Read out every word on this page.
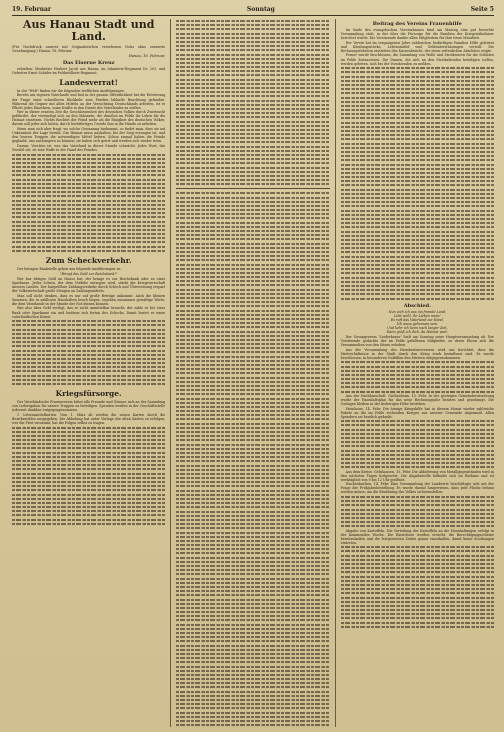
19. Februar	Sonntag	Seite 5
Aus Hanau Stadt und Land.

(Für Nachdruck unserer mit Originalzeichen versehenen Notiz ohne zensierte Genehmigung.) Hanau, 18. Februar.

Hanau, 16. Februar.
Das Eiserne Kreuz

erhielten: Musketier Herbert Jacob aus Hanau, im Infanterie-Regiment Nr. 201, und Gefreiter Ernst Schäfer im Feldartillerie-Regiment.

Landesverrat!

In der "Welt" finden wir die folgenden trefflichen Ausführungen:

Bereits am eigenen Vaterlande und fast in der ganzen Öffentlichkeit hat die Erörterung der Frage einer schnelleren Rückkehr zum Frieden lebhafte Beachtung gefunden. Während die Gegner mit allen Mitteln an der Vernichtung Deutschlands arbeiten, ist es Pflicht jedes Einzelnen, seine Kräfte in den Dienst des Vaterlandes zu stellen.

Wer in dieser ernsten Zeit die Geschlossenheit des deutschen Volkes durch Zwietracht gefährdet, der versündigt sich an den Männern, die draußen im Felde ihr Leben für die Heimat einsetzen. Nichts fürchtet der Feind mehr als die Einigkeit des deutschen Volkes; darum soll jeder sich hüten, durch leichtfertiges Gerede ihm in die Hände zu arbeiten.

Wenn man sich aber fragt, wo solche Gesinnung herkommt, so findet man, dass sie auf Unkenntnis der Lage beruht. Die Heimat muss aushalten, bis der Sieg errungen ist, und den braven Truppen die notwendigen Mittel liefern. Schon einmal haben die Feinde geglaubt, uns aushungern zu können; sie haben sich geirrt und werden sich wieder irren.

Darum: Verräter ist, wer das Vaterland in dieser Stunde schwächt. Jedes Wort, das Zweifel sät, ist eine Waffe in der Hand des Feindes.

Zum Scheckverkehr.

Der hiesigen Bankstelle gehen uns folgende Ausführungen zu:

"Bringt das Geld zur Reichsbank!"

Wer bar übriges Geld im Hause hat, der bringe es zur Reichsbank oder zu einer Sparkasse. Jeder Schein, der dem Verkehr entzogen wird, stärkt die Kriegswirtschaft unseres Landes. Der bargeldlose Zahlungsverkehr durch Scheck und Überweisung erspart der Volkswirtschaft große Mengen an Zahlungsmitteln.

Man soll nicht denken, dass es nur auf große Beträge ankommt. Auch die kleinen Summen, die in zahllosen Haushalten brach liegen, ergeben zusammen gewaltige Werte, die dem Vaterlande in der Stunde der Not dienen können.

Wer also über Geld verfügt, das er nicht unmittelbar braucht, der zahle es bei einer Bank oder Sparkasse ein und bediene sich fortan des Schecks. Damit leistet er einen vaterländischen Dienst.

Kriegsfürsorge.

Der Vaterländische Frauenverein bittet alle Freunde und Gönner, sich an der Sammlung von Liebesgaben für unsere Truppen zu beteiligen. Spenden werden in der Geschäftsstelle jederzeit dankbar entgegengenommen.

1. Lebensmittelkarten. Vom 1. März ab werden die neuen Karten durch die Bezirksstellen ausgegeben. Die Abholung hat unter Vorlage der alten Karten zu erfolgen; wer die Frist versäumt, hat die Folgen selbst zu tragen.

Beitrag des Vereins Frauenhilfe

Im Saale des evangelischen Vereinshauses fand am Montag eine gut besuchte Versammlung statt, in der über die Fürsorge für die Familien der Kriegsteilnehmer berichtet wurde. Die Vorsitzende dankte allen Mitgliedern für ihre treue Mitarbeit.

Der Verein hat im vergangenen Jahre zahlreichen bedürftigen Familien Hilfe geleistet und Kleidungsstücke, Lebensmittel und Geldunterstützungen verteilt. Die Rechnungsführerin erstattete den Kassenbericht, der einen erfreulichen Abschluss zeigte.

Ferner wurde beschlossen, die Sammlung von Wolle und Strickwaren für die Soldaten im Felde fortzusetzen. Die Damen, die sich an den Strickabenden beteiligen wollen, werden gebeten, sich bei der Vorsitzenden zu melden.

Abschied.
Nun zieh ich aus ins fremde Land,
Lebt wohl, ihr Lieben mein!
Es ruft das Vaterland zur Hand,
Ich muss gehorsam sein.
Und kehr ich heim nach langer Zeit,
Dann grüß ich dich, du Heimat weit.

Der Gesangverein "Liederkranz" hielt am Sonntag seine Hauptversammlung ab. Der Vorsitzende gedachte der im Felde gefallenen Mitglieder, zu deren Ehren sich die Versammelten von den Sitzen erhoben.

Aus der Versammlung des Hausbesitzervereins wird uns berichtet, dass die Mietverhältnisse in der Stadt durch den Krieg stark beeinflusst sind. Es wurde beschlossen, in besonderen Notfällen den Mietern entgegenzukommen.

Aus der Nachbarschaft. Großauheim, 15. Febr. In der gestrigen Gemeinderatssitzung wurde der Haushaltsplan für das neue Rechnungsjahr beraten und genehmigt. Die Umlagen bleiben in der bisherigen Höhe bestehen.

Steinheim, 14. Febr. Die hiesige Kriegshilfe hat in diesem Monat wieder zahlreiche Pakete an die im Felde stehenden Krieger aus unserer Gemeinde abgesandt. Allen Spendern sei herzlich gedankt.

Aus dem Kreise. Gelnhausen, 15. Febr. Die Ablieferung von Metallgegenständen wird in den nächsten Tagen fortgesetzt. Die Abgabestelle befindet sich im Rathaus und ist werktäglich von 9 bis 12 Uhr geöffnet.

Wachenbuchen, 14. Febr. Eine Versammlung der Landwirte beschäftigte sich mit der Frage der Frühjahrsbestellung. Es wurde darauf hingewiesen, dass jede Fläche bebaut werden müsse, um die Ernährung des Volkes sicherzustellen.

Abgabe von Kartoffeln. Die Verteilung der Kartoffeln an die Haushaltungen erfolgt in der kommenden Woche. Die Einwohner werden ersucht, die Berechtigungsscheine bereitzuhalten und die festgesetzten Zeiten genau einzuhalten, damit keine Stockungen eintreten.
